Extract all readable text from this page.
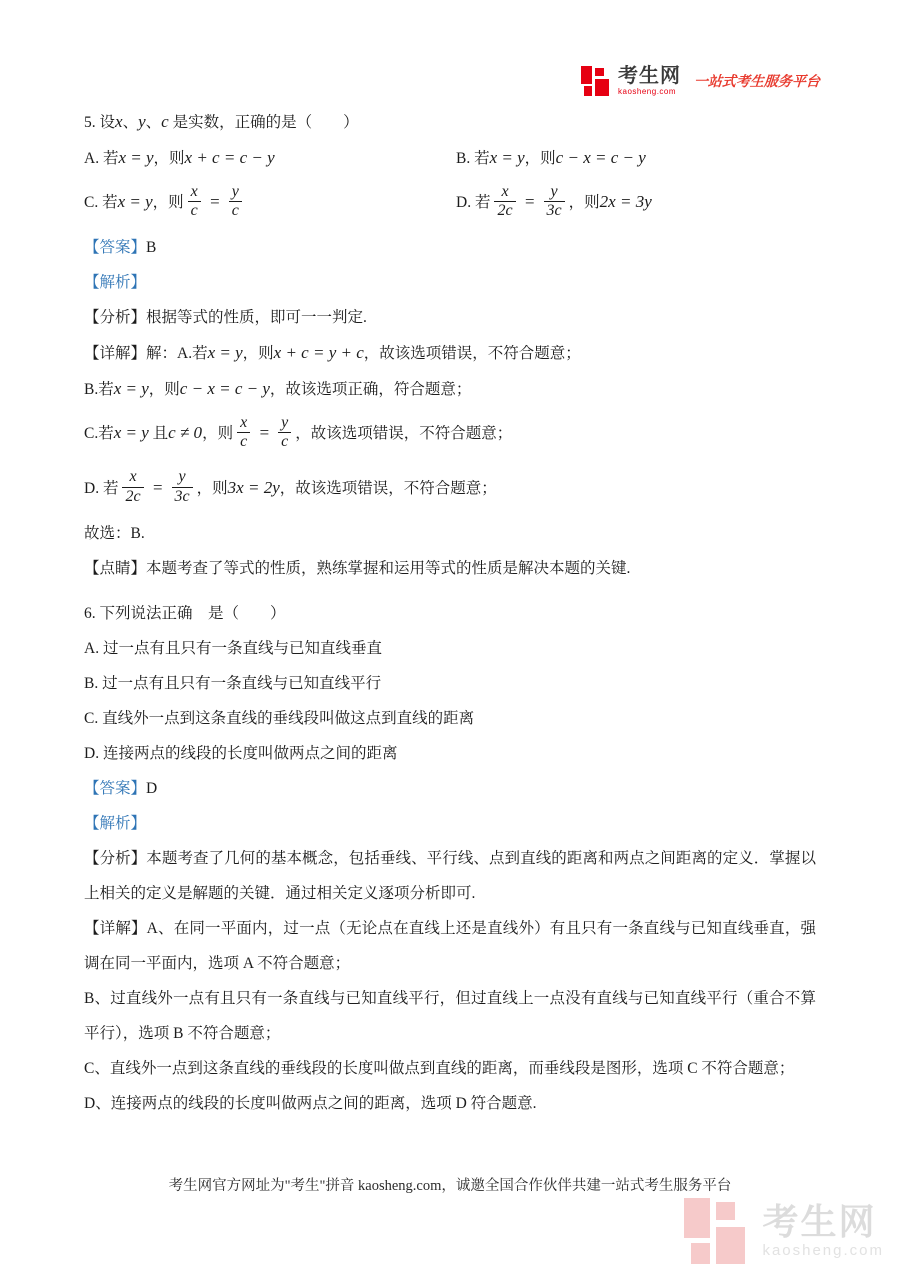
考生网
kaosheng.com
一站式考生服务平台

5. 设x、y、c 是实数，正确的是（　　）

A. 若x = y，则x + c = c − y	B. 若x = y，则c − x = c − y

C. 若x = y，则 $\frac{x}{c} = \frac{y}{c}$	D. 若 $\frac{x}{2c} = \frac{y}{3c}$ ，则2x = 3y

【答案】B

【解析】

【分析】根据等式的性质，即可一一判定.

【详解】解：A.若x = y，则x + c = y + c，故该选项错误，不符合题意；

B.若x = y，则c − x = c − y，故该选项正确，符合题意；

C.若x = y 且c ≠ 0，则 $\frac{x}{c} = \frac{y}{c}$ ，故该选项错误，不符合题意；

D. 若 $\frac{x}{2c} = \frac{y}{3c}$ ，则3x = 2y，故该选项错误，不符合题意；

故选：B.

【点睛】本题考查了等式的性质，熟练掌握和运用等式的性质是解决本题的关键.

6. 下列说法正确　是（　　）

A. 过一点有且只有一条直线与已知直线垂直

B. 过一点有且只有一条直线与已知直线平行

C. 直线外一点到这条直线的垂线段叫做这点到直线的距离

D. 连接两点的线段的长度叫做两点之间的距离

【答案】D

【解析】

【分析】本题考查了几何的基本概念，包括垂线、平行线、点到直线的距离和两点之间距离的定义．掌握以上相关的定义是解题的关键．通过相关定义逐项分析即可.

【详解】A、在同一平面内，过一点（无论点在直线上还是直线外）有且只有一条直线与已知直线垂直，强调在同一平面内，选项 A 不符合题意；

B、过直线外一点有且只有一条直线与已知直线平行，但过直线上一点没有直线与已知直线平行（重合不算平行），选项 B 不符合题意；

C、直线外一点到这条直线的垂线段的长度叫做点到直线的距离，而垂线段是图形，选项 C 不符合题意；

D、连接两点的线段的长度叫做两点之间的距离，选项 D 符合题意.

考生网官方网址为"考生"拼音 kaosheng.com，诚邀全国合作伙伴共建一站式考生服务平台
考生网
kaosheng.com
